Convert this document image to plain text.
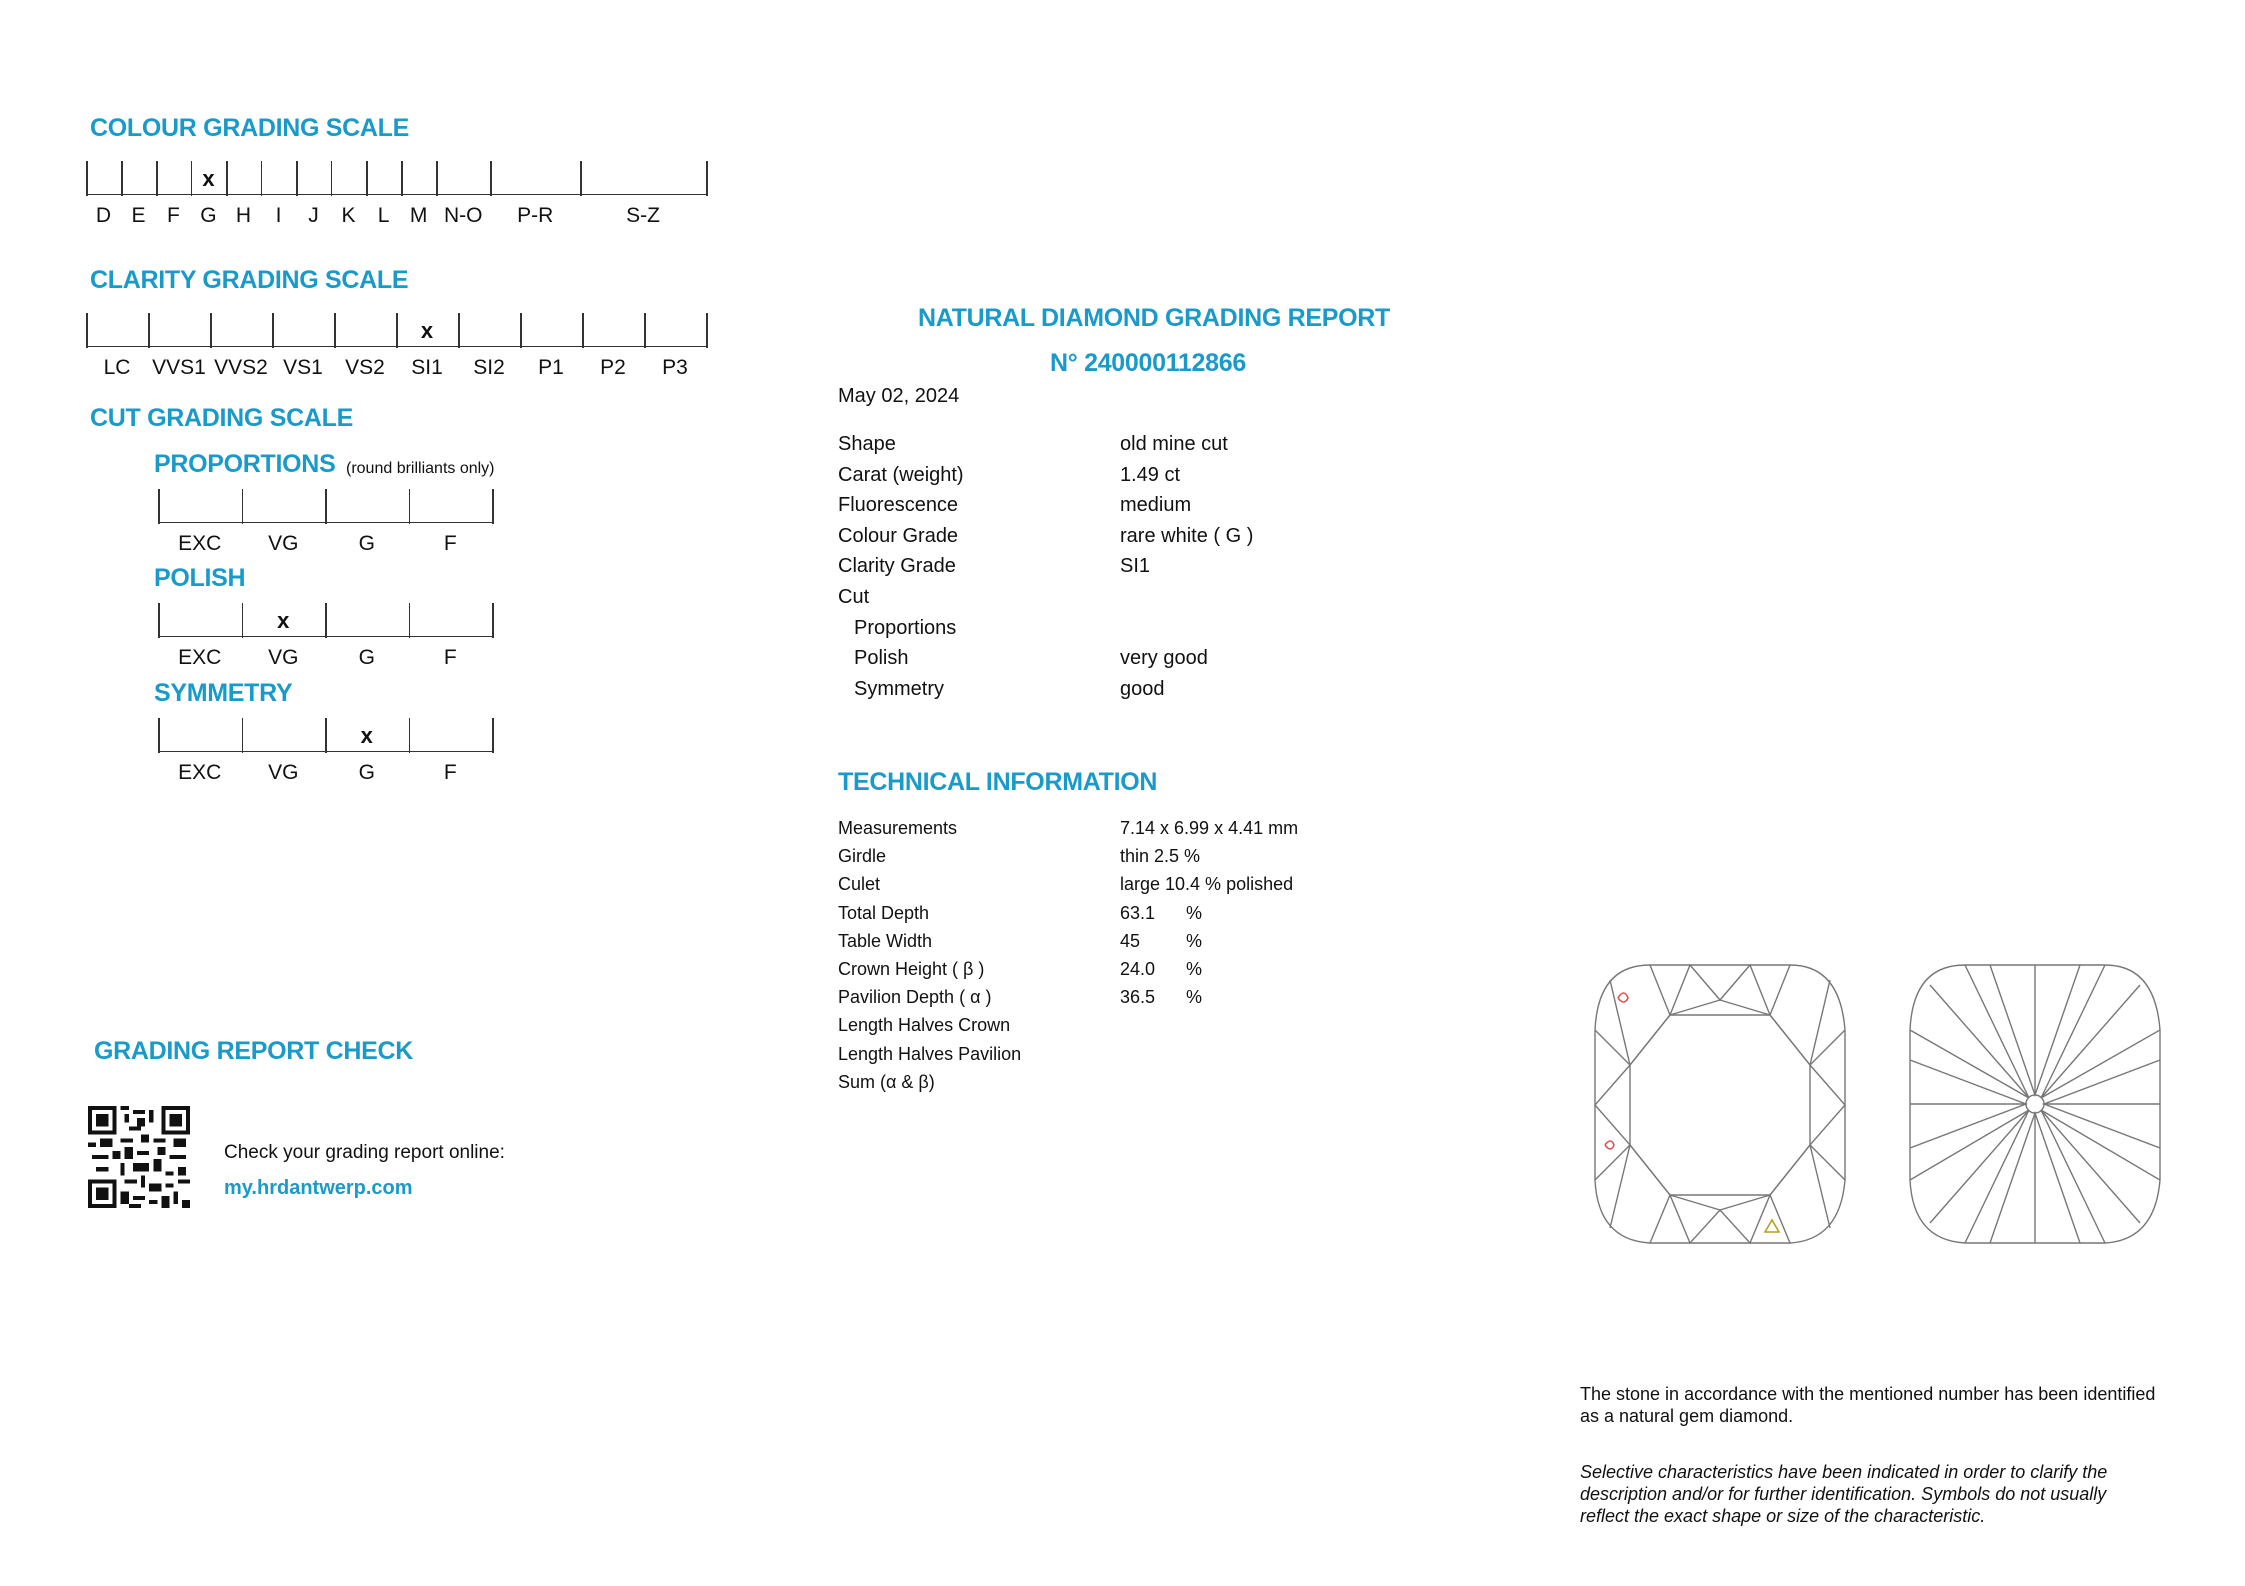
COLOUR GRADING SCALE
D E F G
x
H I J K L M N-O P-R	S-Z
CLARITY GRADING SCALE
LC VVS1 VVS2 VS1 VS2 SI1
x
SI2 P1 P2 P3
CUT GRADING SCALE
PROPORTIONS (round brilliants only)
EXC VG	G	F
POLISH
EXC VG
x
G	F
SYMMETRY
EXC VG	G
x
F
GRADING REPORT CHECK
Check your grading report online:
my.hrdantwerp.com
NATURAL DIAMOND GRADING REPORT
N° 240000112866
May 02, 2024
Shape	old mine cut
Carat (weight)	1.49 ct
Fluorescence	medium
Colour Grade	rare white ( G )
Clarity Grade	SI1
Cut
Proportions
Polish	very good
Symmetry	good
TECHNICAL INFORMATION
Measurements	7.14 x 6.99 x 4.41 mm
Girdle	thin 2.5 %
Culet	large 10.4 % polished
Total Depth	63.1 %
Table Width	45	%
Crown Height ( β )	24.0 %
Pavilion Depth ( α )	36.5 %
Length Halves Crown
Length Halves Pavilion
Sum (α & β)
The stone in accordance with the mentioned number has been identified as a natural gem diamond.
Selective characteristics have been indicated in order to clarify the description and/or for further identification. Symbols do not usually reflect the exact shape or size of the characteristic.
